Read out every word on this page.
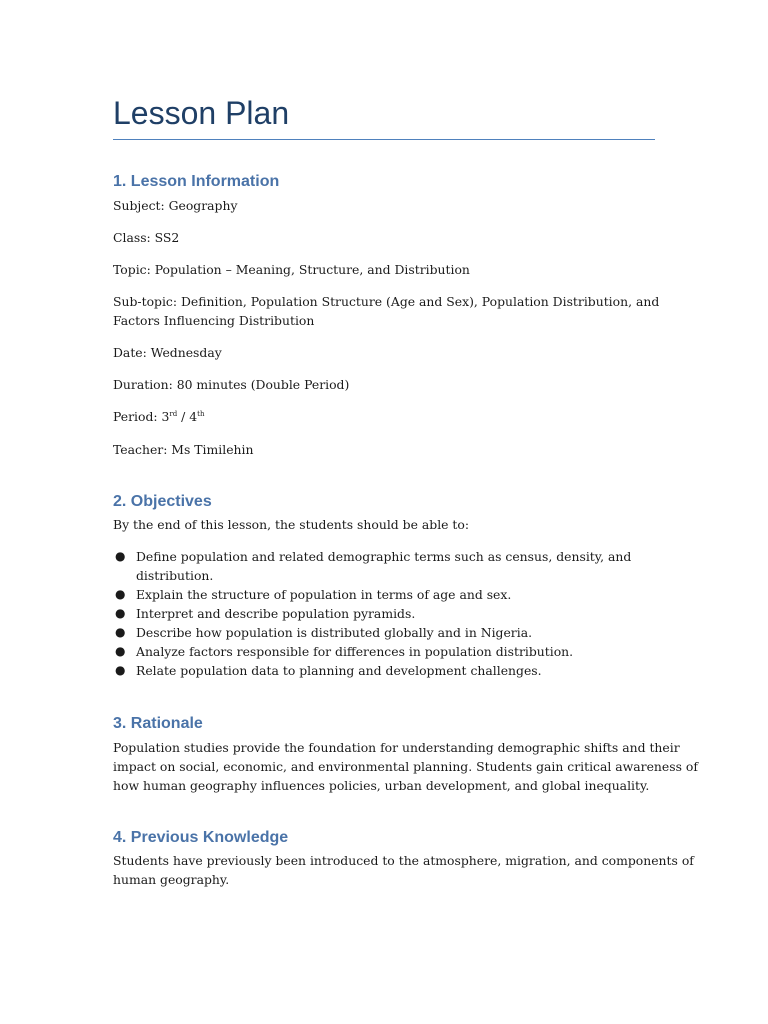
Lesson Plan
1. Lesson Information

Subject: Geography

Class: SS2

Topic: Population – Meaning, Structure, and Distribution

Sub-topic: Definition, Population Structure (Age and Sex), Population Distribution, and

Factors Influencing Distribution

Date: Wednesday

Duration: 80 minutes (Double Period)

Period: 3rd / 4th

Teacher: Ms Timilehin

2. Objectives

By the end of this lesson, the students should be able to:

● Define population and related demographic terms such as census, density, and distribution.
● Explain the structure of population in terms of age and sex.
● Interpret and describe population pyramids.
● Describe how population is distributed globally and in Nigeria.
● Analyze factors responsible for differences in population distribution.
● Relate population data to planning and development challenges.
3. Rationale

Population studies provide the foundation for understanding demographic shifts and their

impact on social, economic, and environmental planning. Students gain critical awareness of

how human geography influences policies, urban development, and global inequality.

4. Previous Knowledge

Students have previously been introduced to the atmosphere, migration, and components of

human geography.
